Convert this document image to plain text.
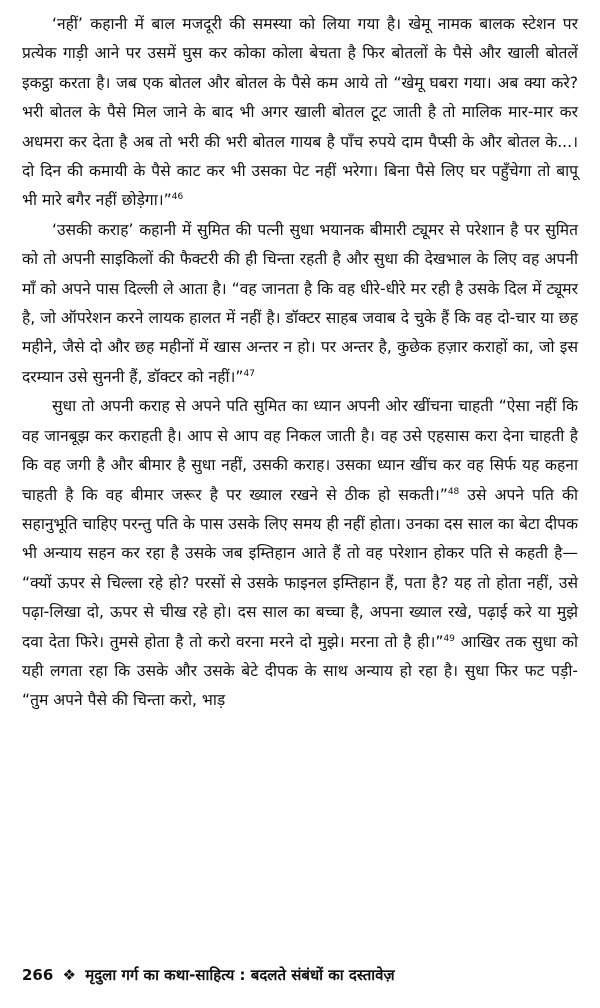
‘नहीं’ कहानी में बाल मजदूरी की समस्या को लिया गया है। खेमू नामक बालक स्टेशन पर प्रत्येक गाड़ी आने पर उसमें घुस कर कोका कोला बेचता है फिर बोतलों के पैसे और खाली बोतलें इकट्ठा करता है। जब एक बोतल और बोतल के पैसे कम आये तो “खेमू घबरा गया। अब क्या करे? भरी बोतल के पैसे मिल जाने के बाद भी अगर खाली बोतल टूट जाती है तो मालिक मार-मार कर अधमरा कर देता है अब तो भरी की भरी बोतल गायब है पाँच रुपये दाम पैप्सी के और बोतल के...। दो दिन की कमायी के पैसे काट कर भी उसका पेट नहीं भरेगा। बिना पैसे लिए घर पहुँचेगा तो बापू भी मारे बगैर नहीं छोड़ेगा।”$^{46}$

‘उसकी कराह’ कहानी में सुमित की पत्नी सुधा भयानक बीमारी ट्यूमर से परेशान है पर सुमित को तो अपनी साइकिलों की फैक्टरी की ही चिन्ता रहती है और सुधा की देखभाल के लिए वह अपनी माँ को अपने पास दिल्ली ले आता है। “वह जानता है कि वह धीरे-धीरे मर रही है उसके दिल में ट्यूमर है, जो ऑपरेशन करने लायक हालत में नहीं है। डॉक्टर साहब जवाब दे चुके हैं कि वह दो-चार या छह महीने, जैसे दो और छह महीनों में खास अन्तर न हो। पर अन्तर है, कुछेक हज़ार कराहों का, जो इस दरम्यान उसे सुननी हैं, डॉक्टर को नहीं।”$^{47}$

सुधा तो अपनी कराह से अपने पति सुमित का ध्यान अपनी ओर खींचना चाहती “ऐसा नहीं कि वह जानबूझ कर कराहती है। आप से आप वह निकल जाती है। वह उसे एहसास करा देना चाहती है कि वह जगी है और बीमार है सुधा नहीं, उसकी कराह। उसका ध्यान खींच कर वह सिर्फ यह कहना चाहती है कि वह बीमार जरूर है पर ख्याल रखने से ठीक हो सकती।”$^{48}$ उसे अपने पति की सहानुभूति चाहिए परन्तु पति के पास उसके लिए समय ही नहीं होता। उनका दस साल का बेटा दीपक भी अन्याय सहन कर रहा है उसके जब इम्तिहान आते हैं तो वह परेशान होकर पति से कहती है— “क्यों ऊपर से चिल्ला रहे हो? परसों से उसके फाइनल इम्तिहान हैं, पता है? यह तो होता नहीं, उसे पढ़ा-लिखा दो, ऊपर से चीख रहे हो। दस साल का बच्चा है, अपना ख्याल रखे, पढ़ाई करे या मुझे दवा देता फिरे। तुमसे होता है तो करो वरना मरने दो मुझे। मरना तो है ही।”$^{49}$ आखिर तक सुधा को यही लगता रहा कि उसके और उसके बेटे दीपक के साथ अन्याय हो रहा है। सुधा फिर फट पड़ी- “तुम अपने पैसे की चिन्ता करो, भाड़

266 ❖ मृदुला गर्ग का कथा-साहित्य : बदलते संबंधों का दस्तावेज़
